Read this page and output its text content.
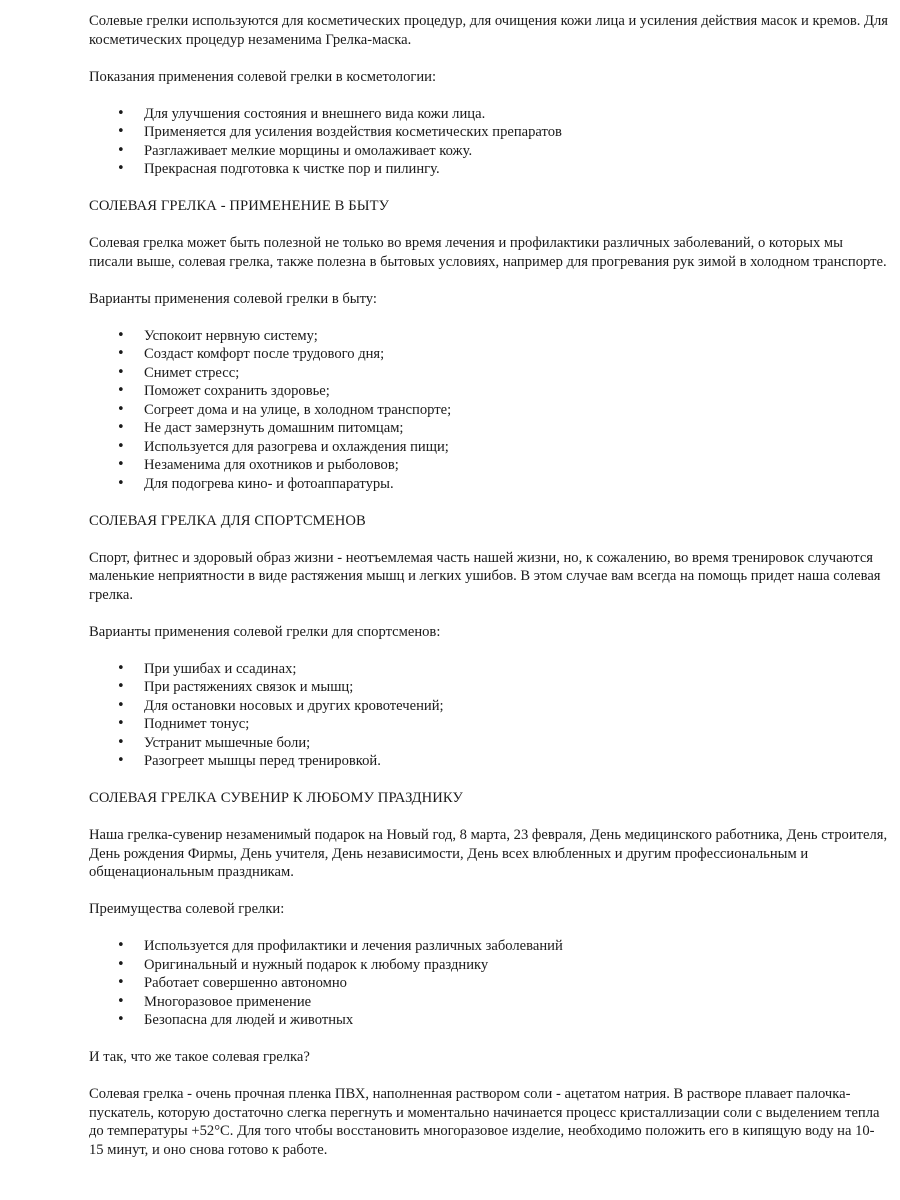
Солевые грелки используются для косметических процедур, для очищения кожи лица и усиления действия масок и кремов. Для косметических процедур незаменима Грелка-маска.

Показания применения солевой грелки в косметологии:

• Для улучшения состояния и внешнего вида кожи лица.
• Применяется для усиления воздействия косметических препаратов
• Разглаживает мелкие морщины и омолаживает кожу.
• Прекрасная подготовка к чистке пор и пилингу.

СОЛЕВАЯ ГРЕЛКА - ПРИМЕНЕНИЕ В БЫТУ

Солевая грелка может быть полезной не только во время лечения и профилактики различных заболеваний, о которых мы писали выше, солевая грелка, также полезна в бытовых условиях, например для прогревания рук зимой в холодном транспорте.

Варианты применения солевой грелки в быту:

• Успокоит нервную систему;
• Создаст комфорт после трудового дня;
• Снимет стресс;
• Поможет сохранить здоровье;
• Согреет дома и на улице, в холодном транспорте;
• Не даст замерзнуть домашним питомцам;
• Используется для разогрева и охлаждения пищи;
• Незаменима для охотников и рыболовов;
• Для подогрева кино- и фотоаппаратуры.

СОЛЕВАЯ ГРЕЛКА ДЛЯ СПОРТСМЕНОВ

Спорт, фитнес и здоровый образ жизни - неотъемлемая часть нашей жизни, но, к сожалению, во время тренировок случаются маленькие неприятности в виде растяжения мышц и легких ушибов. В этом случае вам всегда на помощь придет наша солевая грелка.

Варианты применения солевой грелки для спортсменов:

• При ушибах и ссадинах;
• При растяжениях связок и мышц;
• Для остановки носовых и других кровотечений;
• Поднимет тонус;
• Устранит мышечные боли;
• Разогреет мышцы перед тренировкой.

СОЛЕВАЯ ГРЕЛКА СУВЕНИР К ЛЮБОМУ ПРАЗДНИКУ

Наша грелка-сувенир незаменимый подарок на Новый год, 8 марта, 23 февраля, День медицинского работника, День строителя, День рождения Фирмы, День учителя, День независимости, День всех влюбленных и другим профессиональным и общенациональным праздникам.

Преимущества солевой грелки:

• Используется для профилактики и лечения различных заболеваний
• Оригинальный и нужный подарок к любому празднику
• Работает совершенно автономно
• Многоразовое применение
• Безопасна для людей и животных

И так, что же такое солевая грелка?

Солевая грелка - очень прочная пленка ПВХ, наполненная раствором соли - ацетатом натрия. В растворе плавает палочка-пускатель, которую достаточно слегка перегнуть и моментально начинается процесс кристаллизации соли с выделением тепла до температуры +52°С. Для того чтобы восстановить многоразовое изделие, необходимо положить его в кипящую воду на 10-15 минут, и оно снова готово к работе.
